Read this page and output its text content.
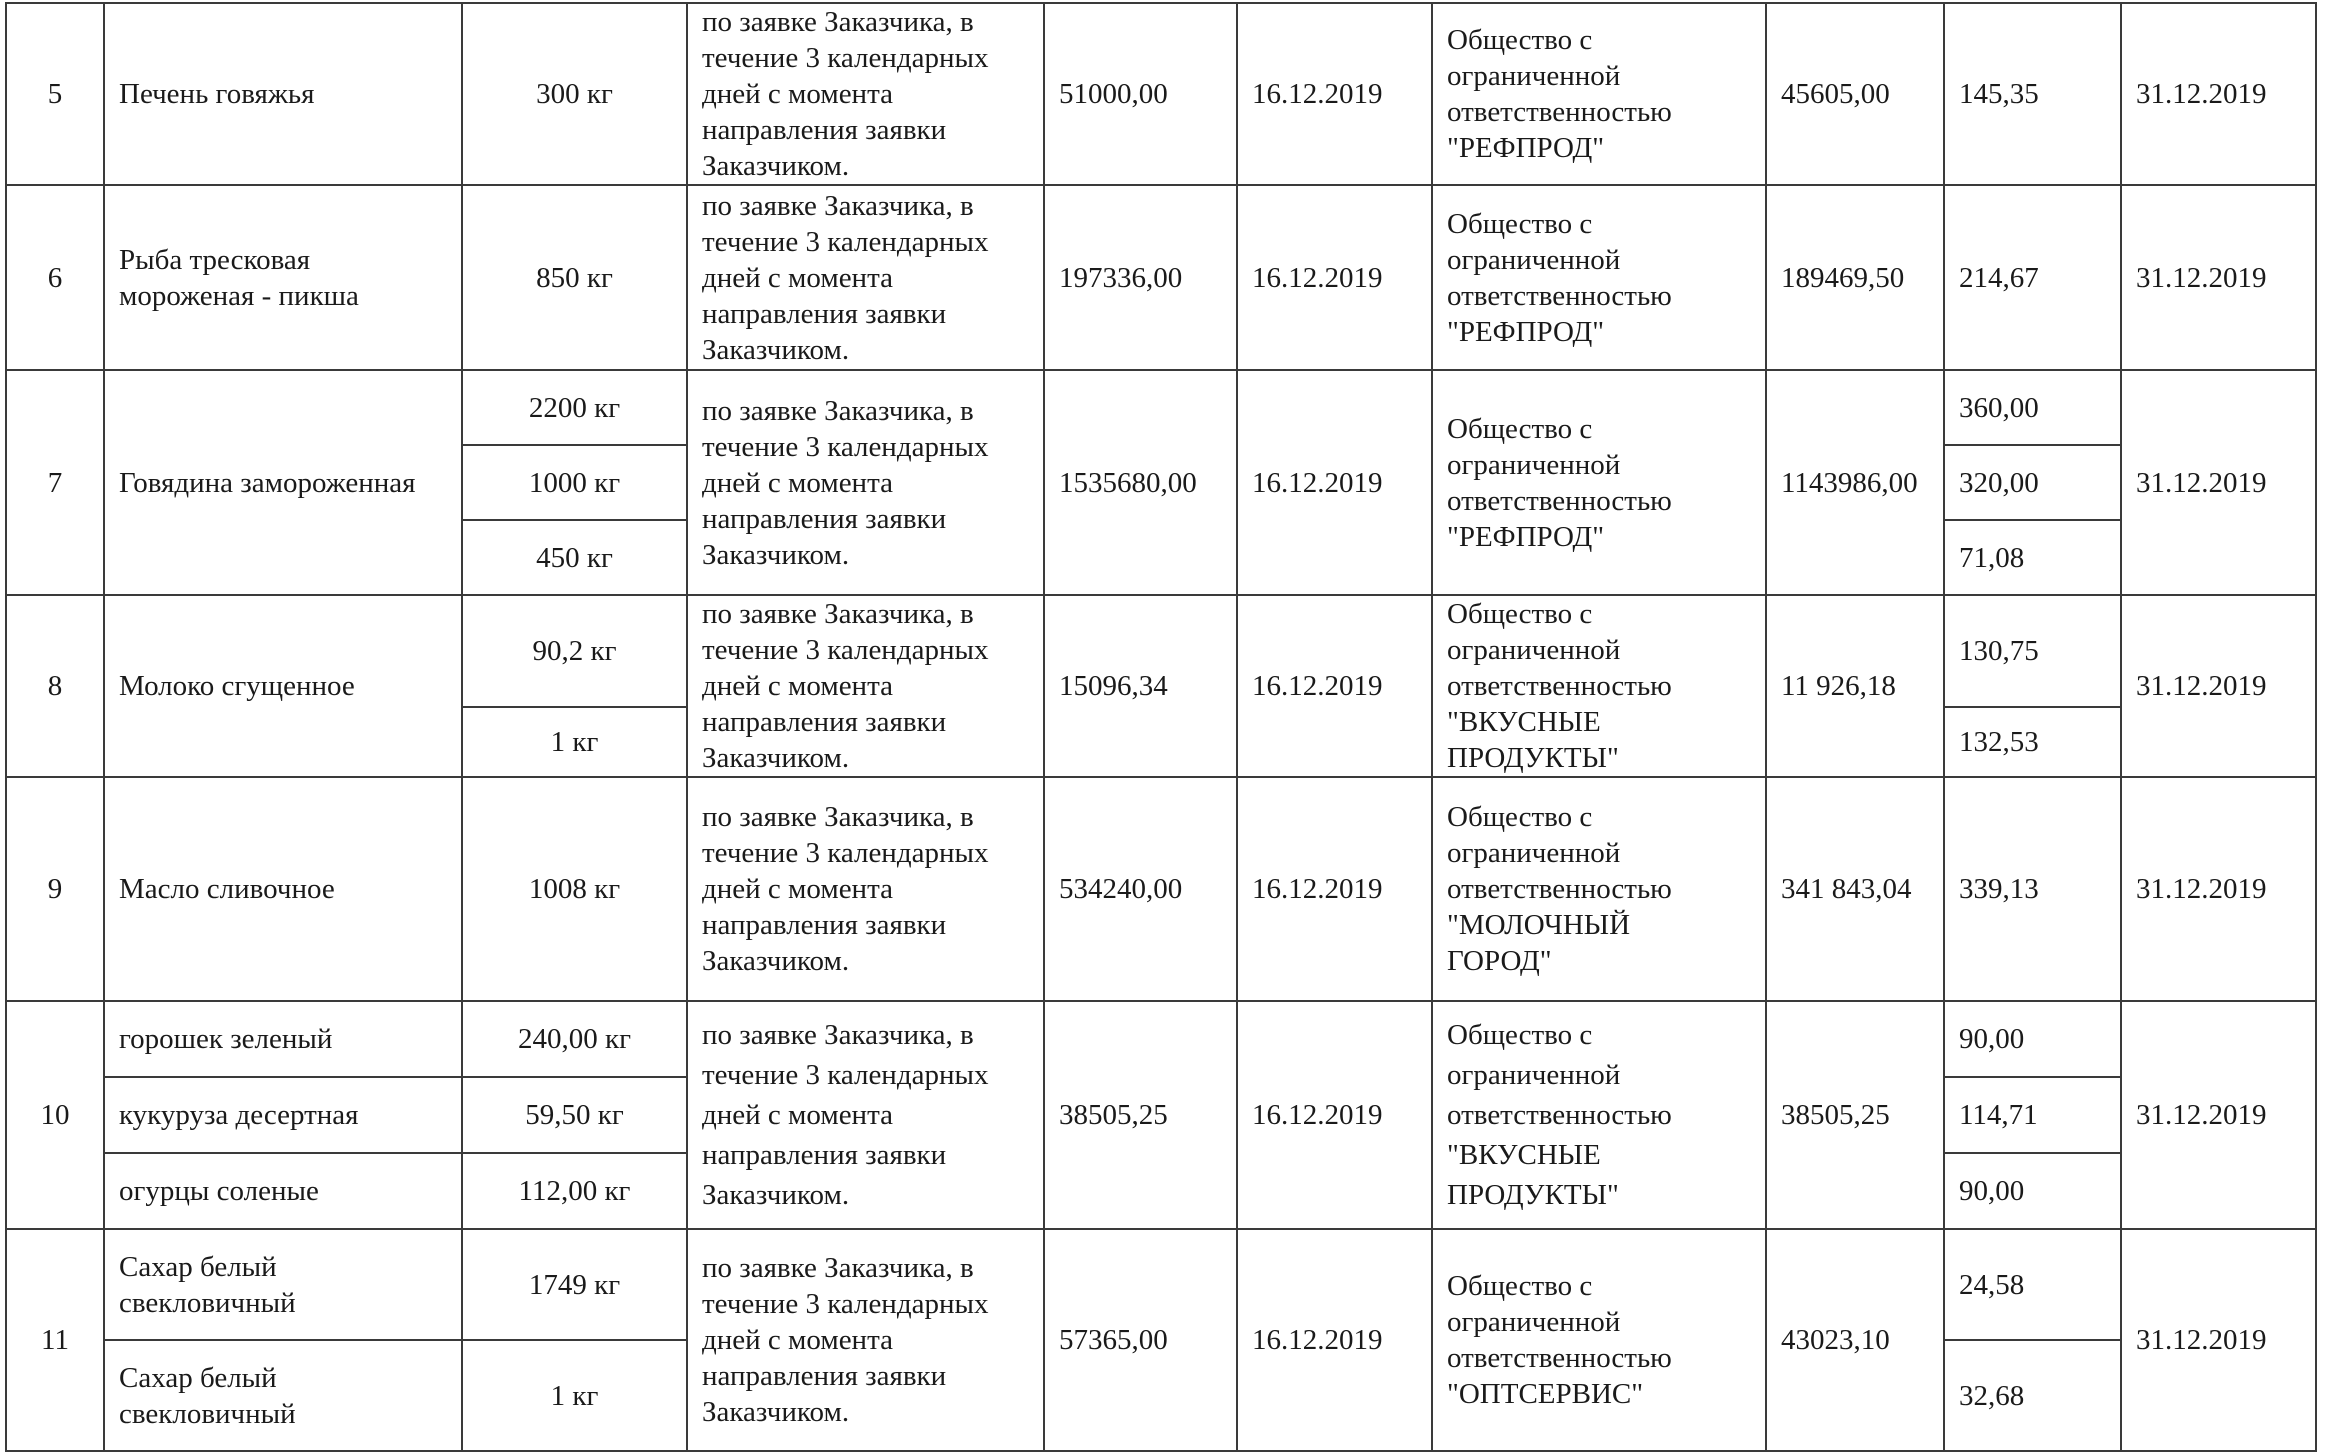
5	Печень говяжья	300 кг	по заявке Заказчика, в
течение 3 календарных
дней с момента
направления заявки
Заказчиком.	51000,00	16.12.2019	Общество с
ограниченной
ответственностью
"РЕФПРОД"	45605,00	145,35	31.12.2019
6	Рыба тресковая
мороженая - пикша	850 кг	по заявке Заказчика, в
течение 3 календарных
дней с момента
направления заявки
Заказчиком.	197336,00	16.12.2019	Общество с
ограниченной
ответственностью
"РЕФПРОД"	189469,50	214,67	31.12.2019
7	Говядина замороженная	2200 кг	по заявке Заказчика, в
течение 3 календарных
дней с момента
направления заявки
Заказчиком.	1535680,00	16.12.2019	Общество с
ограниченной
ответственностью
"РЕФПРОД"	1143986,00	360,00	31.12.2019
		1000 кг						320,00	
		450 кг						71,08	
8	Молоко сгущенное	90,2 кг	по заявке Заказчика, в
течение 3 календарных
дней с момента
направления заявки
Заказчиком.	15096,34	16.12.2019	Общество с
ограниченной
ответственностью
"ВКУСНЫЕ
ПРОДУКТЫ"	11 926,18	130,75	31.12.2019
		1 кг						132,53	
9	Масло сливочное	1008 кг	по заявке Заказчика, в
течение 3 календарных
дней с момента
направления заявки
Заказчиком.	534240,00	16.12.2019	Общество с
ограниченной
ответственностью
"МОЛОЧНЫЙ
ГОРОД"	341 843,04	339,13	31.12.2019
10	горошек зеленый	240,00 кг	по заявке Заказчика, в
течение 3 календарных
дней с момента
направления заявки
Заказчиком.	38505,25	16.12.2019	Общество с
ограниченной
ответственностью
"ВКУСНЫЕ
ПРОДУКТЫ"	38505,25	90,00	31.12.2019
	кукуруза десертная	59,50 кг						114,71	
	огурцы соленые	112,00 кг						90,00	
11	Сахар белый
свекловичный	1749 кг	по заявке Заказчика, в
течение 3 календарных
дней с момента
направления заявки
Заказчиком.	57365,00	16.12.2019	Общество с
ограниченной
ответственностью
"ОПТСЕРВИС"	43023,10	24,58	31.12.2019

	Сахар белый
свекловичный	1 кг						32,68	
